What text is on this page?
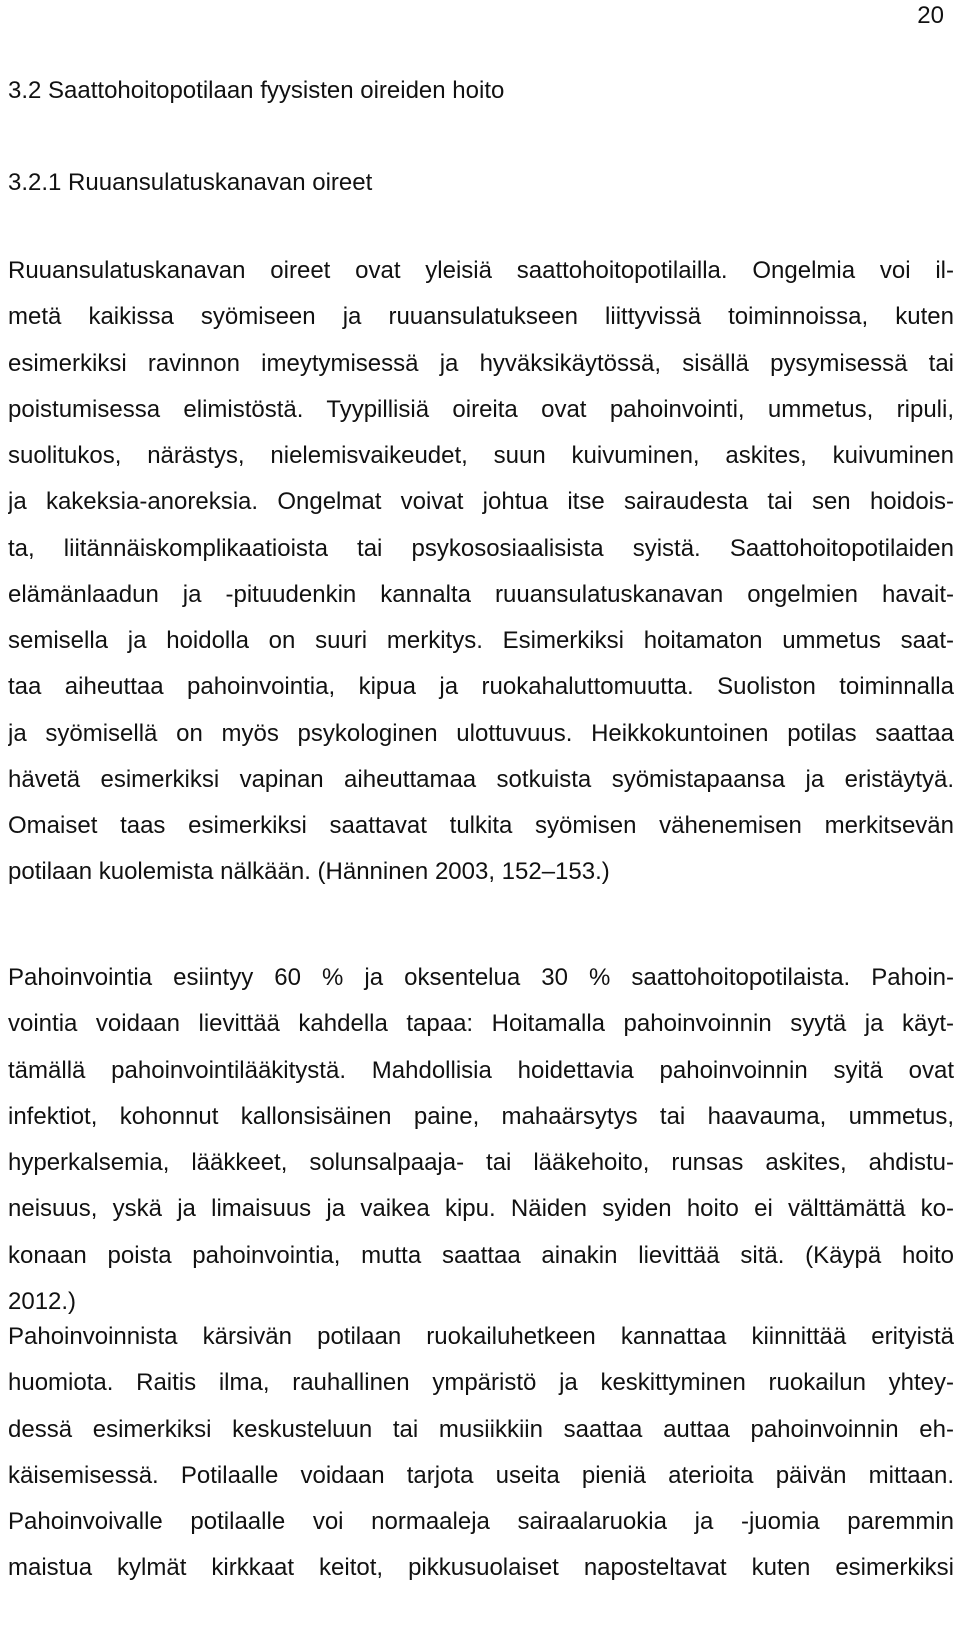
20
3.2 Saattohoitopotilaan fyysisten oireiden hoito
3.2.1 Ruuansulatuskanavan oireet
Ruuansulatuskanavan oireet ovat yleisiä saattohoitopotilailla. Ongelmia voi il-
metä kaikissa syömiseen ja ruuansulatukseen liittyvissä toiminnoissa, kuten
esimerkiksi ravinnon imeytymisessä ja hyväksikäytössä, sisällä pysymisessä tai
poistumisessa elimistöstä. Tyypillisiä oireita ovat pahoinvointi, ummetus, ripuli,
suolitukos, närästys, nielemisvaikeudet, suun kuivuminen, askites, kuivuminen
ja kakeksia-anoreksia. Ongelmat voivat johtua itse sairaudesta tai sen hoidois-
ta, liitännäiskomplikaatioista tai psykososiaalisista syistä. Saattohoitopotilaiden
elämänlaadun ja -pituudenkin kannalta ruuansulatuskanavan ongelmien havait-
semisella ja hoidolla on suuri merkitys. Esimerkiksi hoitamaton ummetus saat-
taa aiheuttaa pahoinvointia, kipua ja ruokahaluttomuutta. Suoliston toiminnalla
ja syömisellä on myös psykologinen ulottuvuus. Heikkokuntoinen potilas saattaa
hävetä esimerkiksi vapinan aiheuttamaa sotkuista syömistapaansa ja eristäytyä.
Omaiset taas esimerkiksi saattavat tulkita syömisen vähenemisen merkitsevän
potilaan kuolemista nälkään. (Hänninen 2003, 152–153.)
Pahoinvointia esiintyy 60 % ja oksentelua 30 % saattohoitopotilaista. Pahoin-
vointia voidaan lievittää kahdella tapaa: Hoitamalla pahoinvoinnin syytä ja käyt-
tämällä pahoinvointilääkitystä. Mahdollisia hoidettavia pahoinvoinnin syitä ovat
infektiot, kohonnut kallonsisäinen paine, mahaärsytys tai haavauma, ummetus,
hyperkalsemia, lääkkeet, solunsalpaaja- tai lääkehoito, runsas askites, ahdistu-
neisuus, yskä ja limaisuus ja vaikea kipu. Näiden syiden hoito ei välttämättä ko-
konaan poista pahoinvointia, mutta saattaa ainakin lievittää sitä. (Käypä hoito
2012.)
Pahoinvoinnista kärsivän potilaan ruokailuhetkeen kannattaa kiinnittää erityistä
huomiota. Raitis ilma, rauhallinen ympäristö ja keskittyminen ruokailun yhtey-
dessä esimerkiksi keskusteluun tai musiikkiin saattaa auttaa pahoinvoinnin eh-
käisemisessä. Potilaalle voidaan tarjota useita pieniä aterioita päivän mittaan.
Pahoinvoivalle potilaalle voi normaaleja sairaalaruokia ja -juomia paremmin
maistua kylmät kirkkaat keitot, pikkusuolaiset naposteltavat kuten esimerkiksi
